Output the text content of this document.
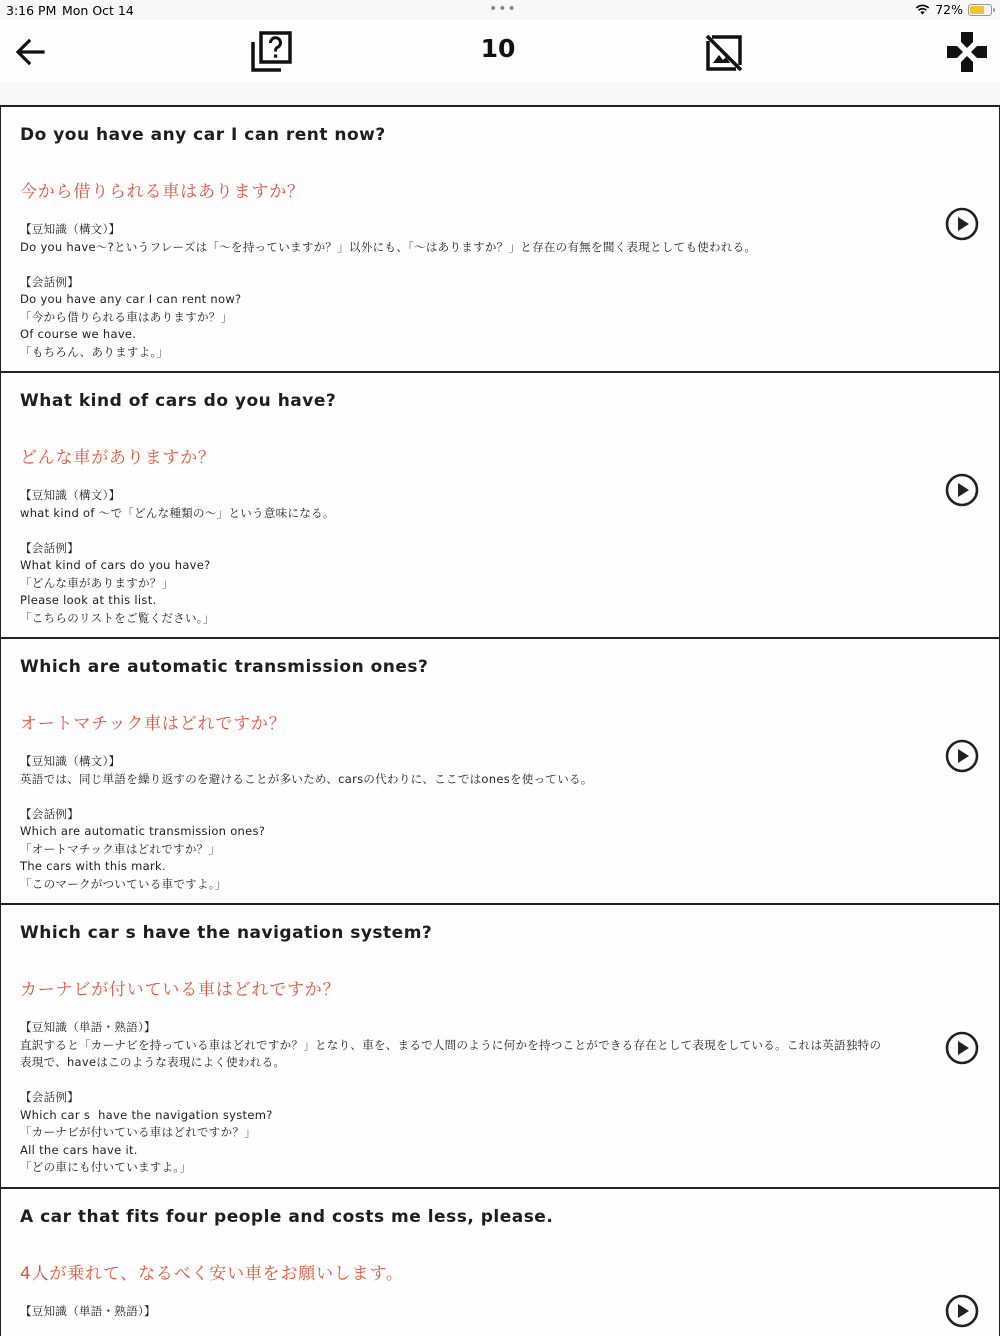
3:16 PM Mon Oct 14	•••	72%
10
Do you have any car I can rent now?
今から借りられる車はありますか？
【豆知識（構文）】
Do you have〜?というフレーズは「〜を持っていますか？」以外にも、「〜はありますか？」と存在の有無を聞く表現としても使われる。
【会話例】
Do you have any car I can rent now?
「今から借りられる車はありますか？」
Of course we have.
「もちろん、ありますよ。」
What kind of cars do you have?
どんな車がありますか？
【豆知識（構文）】
what kind of 〜で「どんな種類の〜」という意味になる。
【会話例】
What kind of cars do you have?
「どんな車がありますか？」
Please look at this list.
「こちらのリストをご覧ください。」
Which are automatic transmission ones?
オートマチック車はどれですか？
【豆知識（構文）】
英語では、同じ単語を繰り返すのを避けることが多いため、carsの代わりに、ここではonesを使っている。
【会話例】
Which are automatic transmission ones?
「オートマチック車はどれですか？」
The cars with this mark.
「このマークがついている車ですよ。」
Which car s have the navigation system?
カーナビが付いている車はどれですか？
【豆知識（単語・熟語）】
直訳すると「カーナビを持っている車はどれですか？」となり、車を、まるで人間のように何かを持つことができる存在として表現をしている。これは英語独特の
表現で、haveはこのような表現によく使われる。
【会話例】
Which car s  have the navigation system?
「カーナビが付いている車はどれですか？」
All the cars have it.
「どの車にも付いていますよ。」
A car that fits four people and costs me less, please.
4人が乗れて、なるべく安い車をお願いします。
【豆知識（単語・熟語）】
